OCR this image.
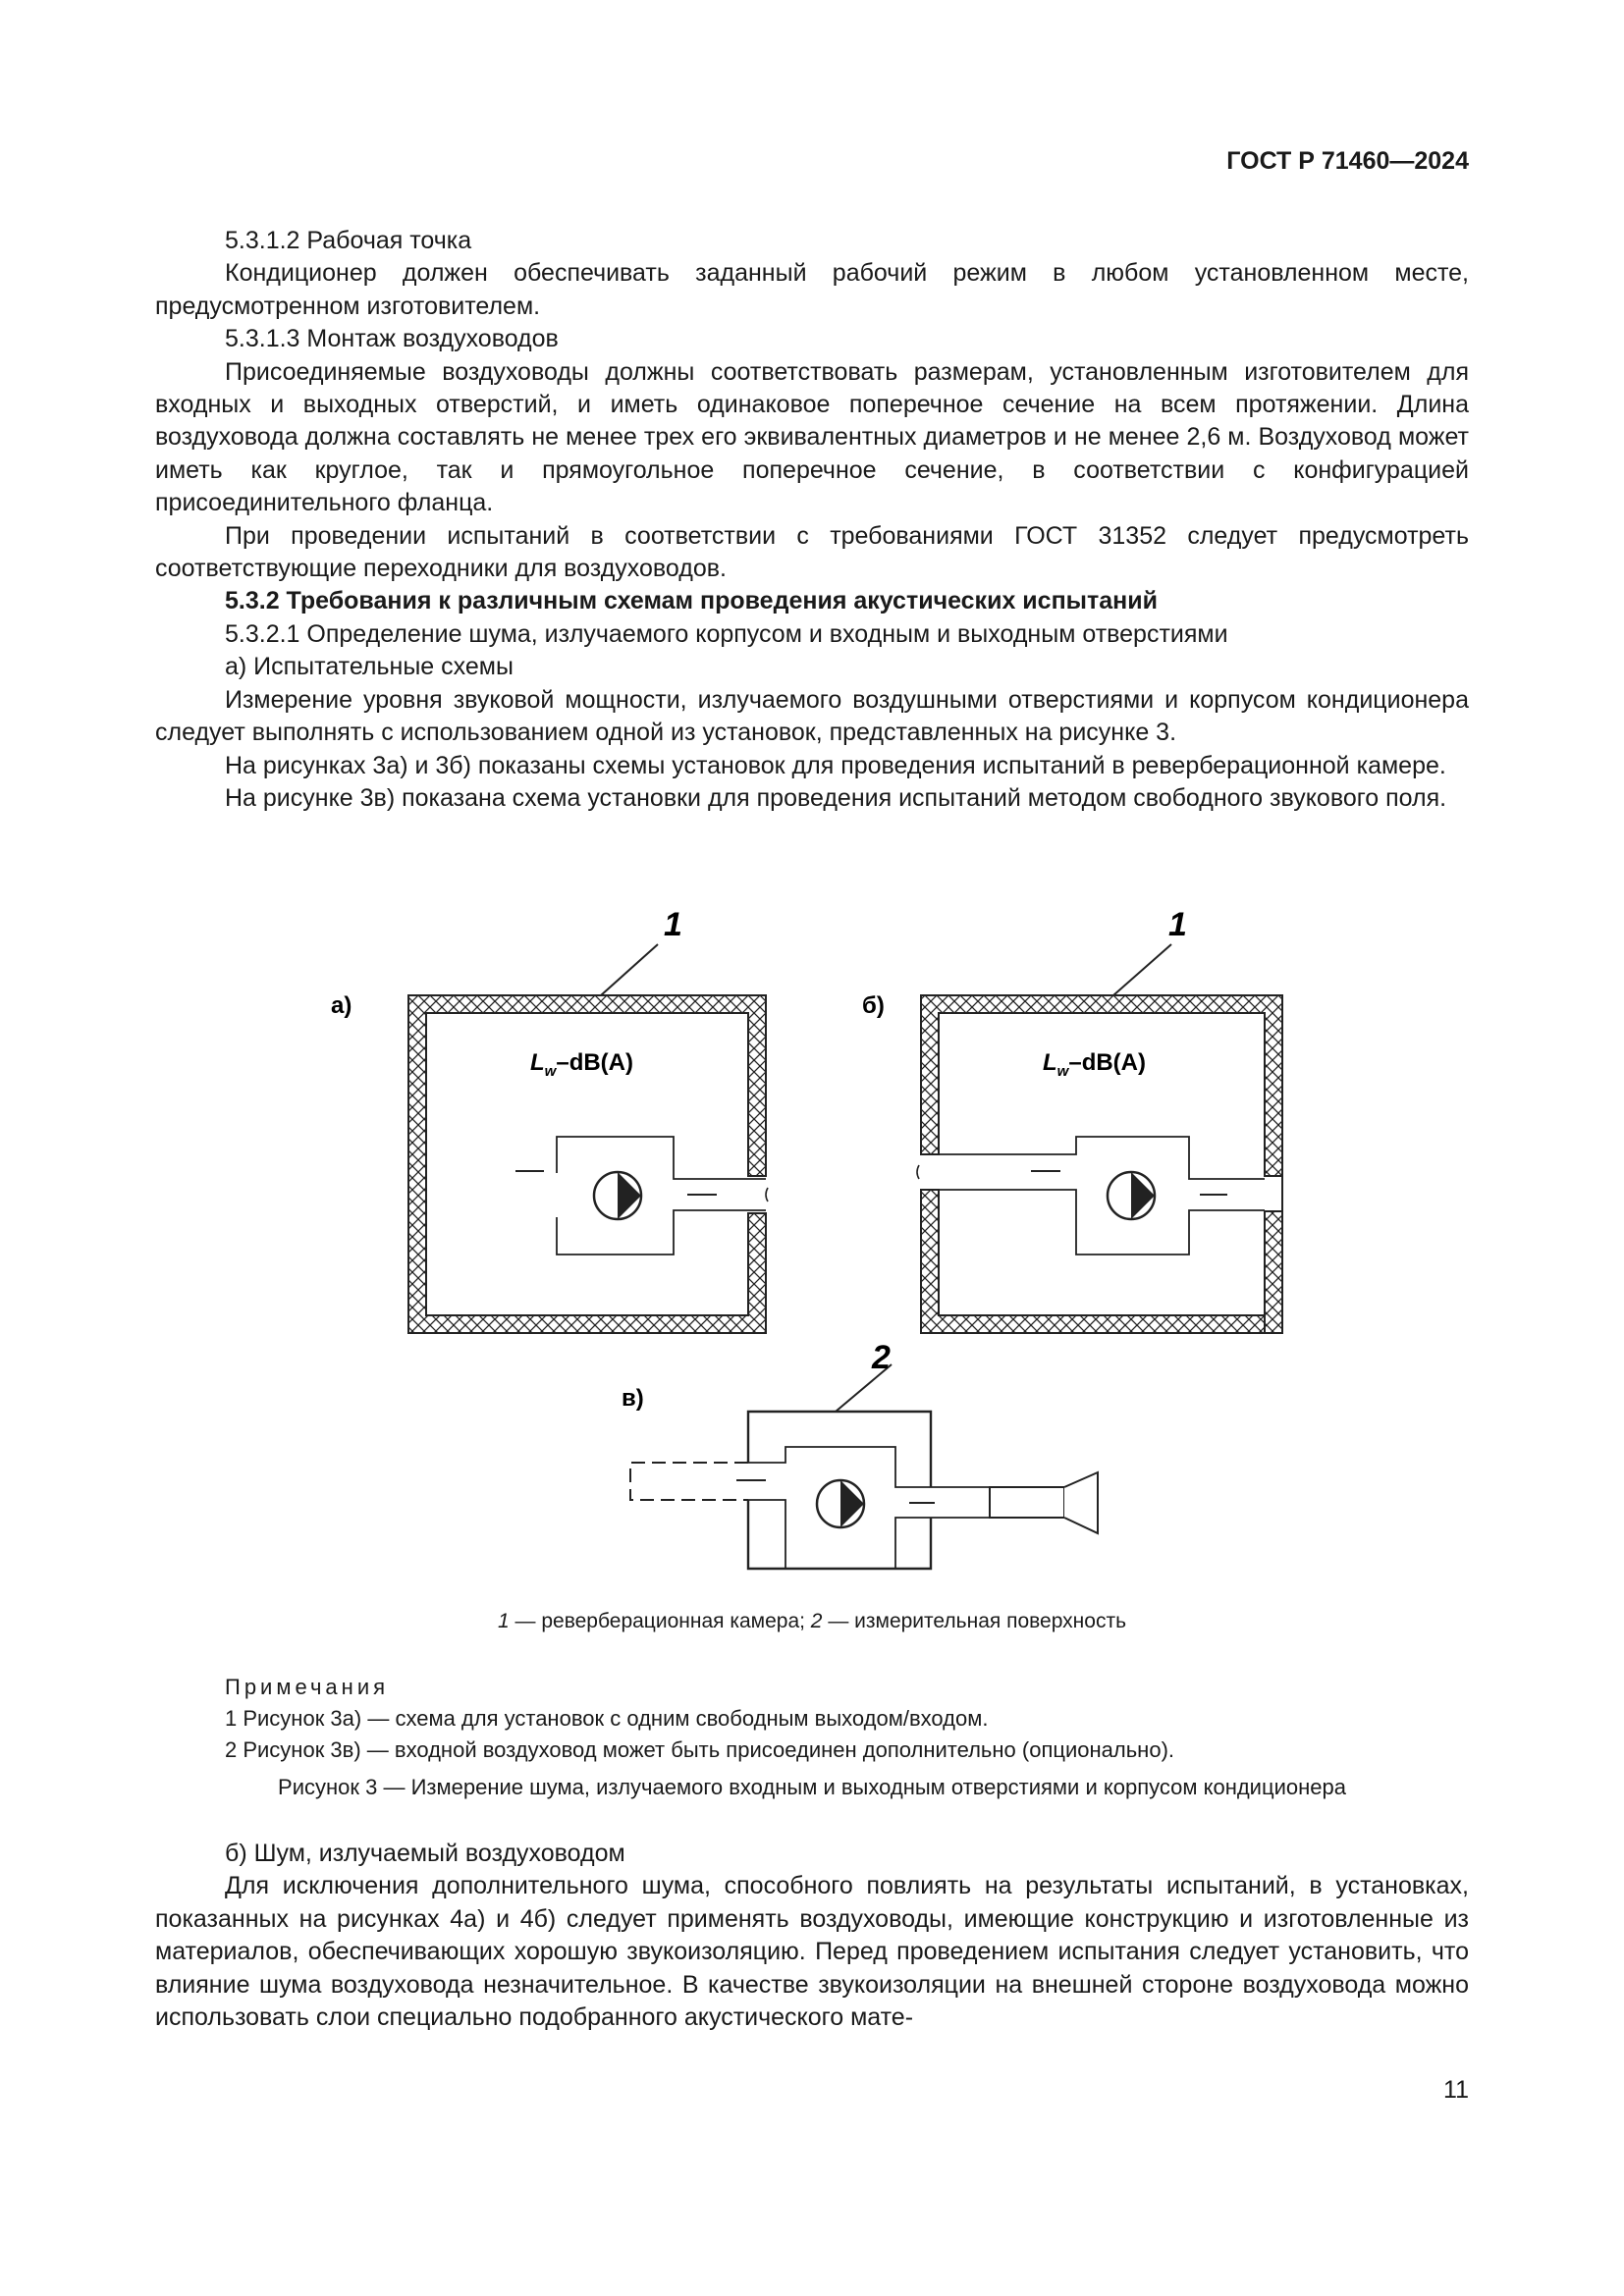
ГОСТ Р 71460—2024

5.3.1.2 Рабочая точка

Кондиционер должен обеспечивать заданный рабочий режим в любом установленном месте, предусмотренном изготовителем.

5.3.1.3 Монтаж воздуховодов

Присоединяемые воздуховоды должны соответствовать размерам, установленным изготовителем для входных и выходных отверстий, и иметь одинаковое поперечное сечение на всем протяжении. Длина воздуховода должна составлять не менее трех его эквивалентных диаметров и не менее 2,6 м. Воздуховод может иметь как круглое, так и прямоугольное поперечное сечение, в соответствии с конфигурацией присоединительного фланца.

При проведении испытаний в соответствии с требованиями ГОСТ 31352 следует предусмотреть соответствующие переходники для воздуховодов.

5.3.2 Требования к различным схемам проведения акустических испытаний

5.3.2.1 Определение шума, излучаемого корпусом и входным и выходным отверстиями

а) Испытательные схемы

Измерение уровня звуковой мощности, излучаемого воздушными отверстиями и корпусом кондиционера следует выполнять с использованием одной из установок, представленных на рисунке 3.

На рисунках 3а) и 3б) показаны схемы установок для проведения испытаний в реверберационной камере.

На рисунке 3в) показана схема установки для проведения испытаний методом свободного звукового поля.

а)
1
$L_w-dB(A)$
б)
1
$L_w-dB(A)$
в)
2
1 — реверберационная камера; 2 — измерительная поверхность
Примечания
1 Рисунок 3а) — схема для установок с одним свободным выходом/входом.
2 Рисунок 3в) — входной воздуховод может быть присоединен дополнительно (опционально).
Рисунок 3 — Измерение шума, излучаемого входным и выходным отверстиями и корпусом кондиционера

б) Шум, излучаемый воздуховодом

Для исключения дополнительного шума, способного повлиять на результаты испытаний, в установках, показанных на рисунках 4а) и 4б) следует применять воздуховоды, имеющие конструкцию и изготовленные из материалов, обеспечивающих хорошую звукоизоляцию. Перед проведением испытания следует установить, что влияние шума воздуховода незначительное. В качестве звукоизоляции на внешней стороне воздуховода можно использовать слои специально подобранного акустического мате-

11
